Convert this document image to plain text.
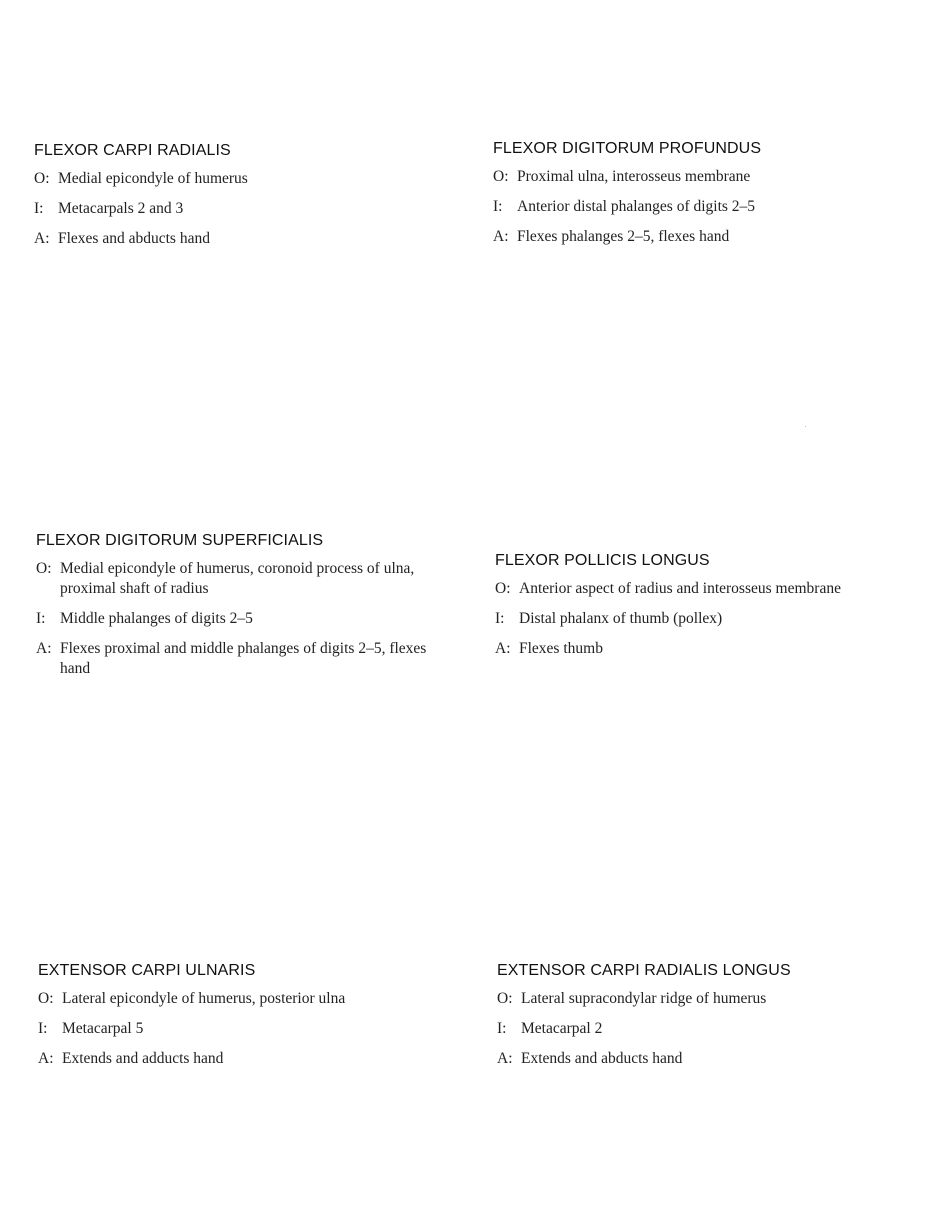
FLEXOR CARPI RADIALIS
O: Medial epicondyle of humerus
I: Metacarpals 2 and 3
A: Flexes and abducts hand
FLEXOR DIGITORUM PROFUNDUS
O: Proximal ulna, interosseus membrane
I: Anterior distal phalanges of digits 2–5
A: Flexes phalanges 2–5, flexes hand
FLEXOR DIGITORUM SUPERFICIALIS
O: Medial epicondyle of humerus, coronoid process of ulna, proximal shaft of radius
I: Middle phalanges of digits 2–5
A: Flexes proximal and middle phalanges of digits 2–5, flexes hand
FLEXOR POLLICIS LONGUS
O: Anterior aspect of radius and interosseus membrane
I: Distal phalanx of thumb (pollex)
A: Flexes thumb
EXTENSOR CARPI ULNARIS
O: Lateral epicondyle of humerus, posterior ulna
I: Metacarpal 5
A: Extends and adducts hand
EXTENSOR CARPI RADIALIS LONGUS
O: Lateral supracondylar ridge of humerus
I: Metacarpal 2
A: Extends and abducts hand
